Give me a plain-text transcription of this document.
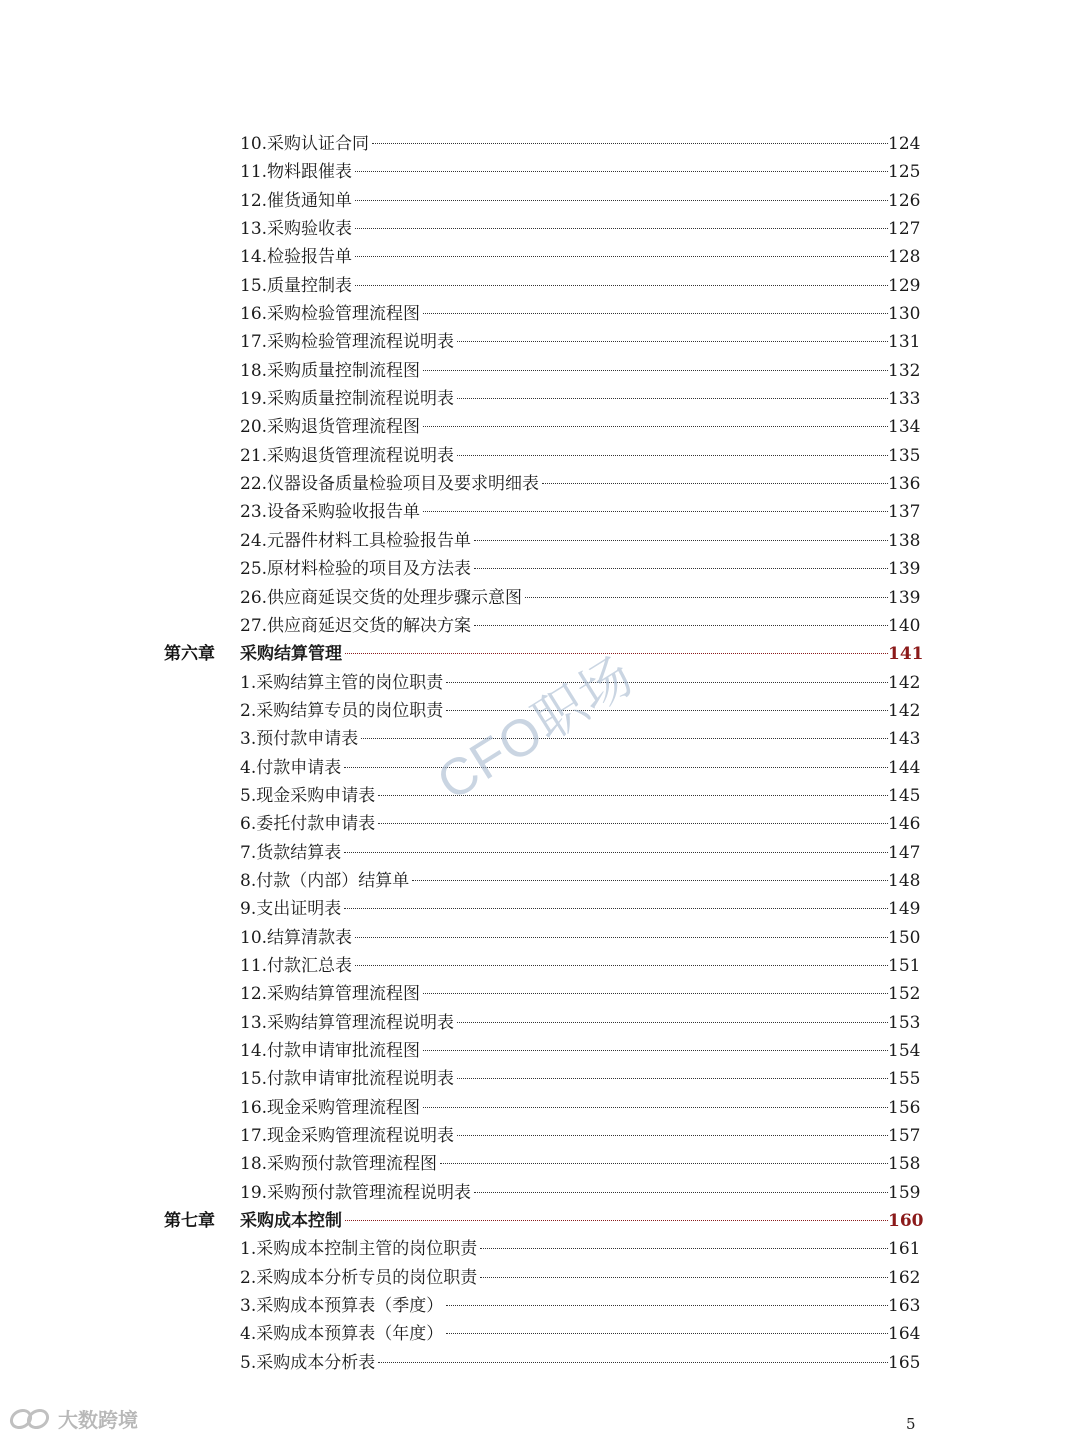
10.采购认证合同	124
11.物料跟催表	125
12.催货通知单	126
13.采购验收表	127
14.检验报告单	128
15.质量控制表	129
16.采购检验管理流程图	130
17.采购检验管理流程说明表	131
18.采购质量控制流程图	132
19.采购质量控制流程说明表	133
20.采购退货管理流程图	134
21.采购退货管理流程说明表	135
22.仪器设备质量检验项目及要求明细表	136
23.设备采购验收报告单	137
24.元器件材料工具检验报告单	138
25.原材料检验的项目及方法表	139
26.供应商延误交货的处理步骤示意图	139
27.供应商延迟交货的解决方案	140
第六章 采购结算管理	141
1.采购结算主管的岗位职责	142
2.采购结算专员的岗位职责	142
3.预付款申请表	143
4.付款申请表	144
5.现金采购申请表	145
6.委托付款申请表	146
7.货款结算表	147
8.付款（内部）结算单	148
9.支出证明表	149
10.结算清款表	150
11.付款汇总表	151
12.采购结算管理流程图	152
13.采购结算管理流程说明表	153
14.付款申请审批流程图	154
15.付款申请审批流程说明表	155
16.现金采购管理流程图	156
17.现金采购管理流程说明表	157
18.采购预付款管理流程图	158
19.采购预付款管理流程说明表	159
第七章 采购成本控制	160
1.采购成本控制主管的岗位职责	161
2.采购成本分析专员的岗位职责	162
3.采购成本预算表（季度）	163
4.采购成本预算表（年度）	164
5.采购成本分析表	165
CFO职场
5
大数跨境
